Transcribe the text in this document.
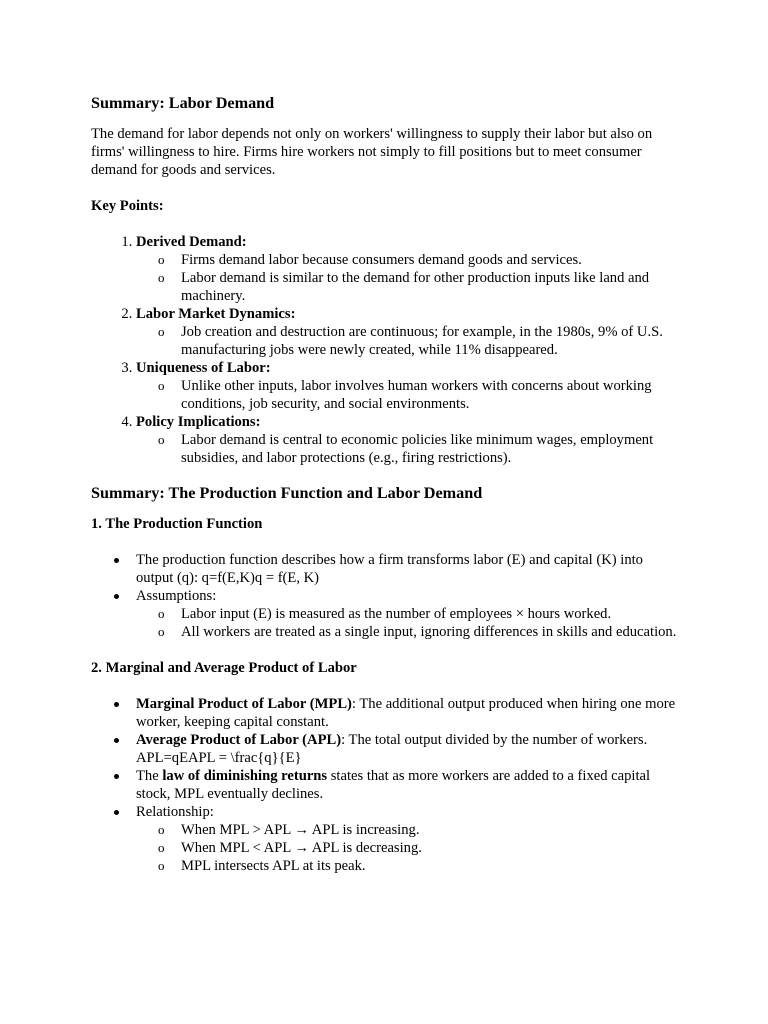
Summary: Labor Demand

The demand for labor depends not only on workers' willingness to supply their labor but also on firms' willingness to hire. Firms hire workers not simply to fill positions but to meet consumer demand for goods and services.

Key Points:
1. Derived Demand:
o Firms demand labor because consumers demand goods and services.
o Labor demand is similar to the demand for other production inputs like land and machinery.
2. Labor Market Dynamics:
o Job creation and destruction are continuous; for example, in the 1980s, 9% of U.S. manufacturing jobs were newly created, while 11% disappeared.
3. Uniqueness of Labor:
o Unlike other inputs, labor involves human workers with concerns about working conditions, job security, and social environments.
4. Policy Implications:
o Labor demand is central to economic policies like minimum wages, employment subsidies, and labor protections (e.g., firing restrictions).
Summary: The Production Function and Labor Demand
1. The Production Function
The production function describes how a firm transforms labor (E) and capital (K) into output (q): q=f(E,K)q = f(E, K)
Assumptions:
o Labor input (E) is measured as the number of employees × hours worked.
o All workers are treated as a single input, ignoring differences in skills and education.
2. Marginal and Average Product of Labor
Marginal Product of Labor (MPL): The additional output produced when hiring one more worker, keeping capital constant.
Average Product of Labor (APL): The total output divided by the number of workers. APL=qEAPL = \frac{q}{E}
The law of diminishing returns states that as more workers are added to a fixed capital stock, MPL eventually declines.
Relationship:
o When MPL > APL → APL is increasing.
o When MPL < APL → APL is decreasing.
o MPL intersects APL at its peak.
